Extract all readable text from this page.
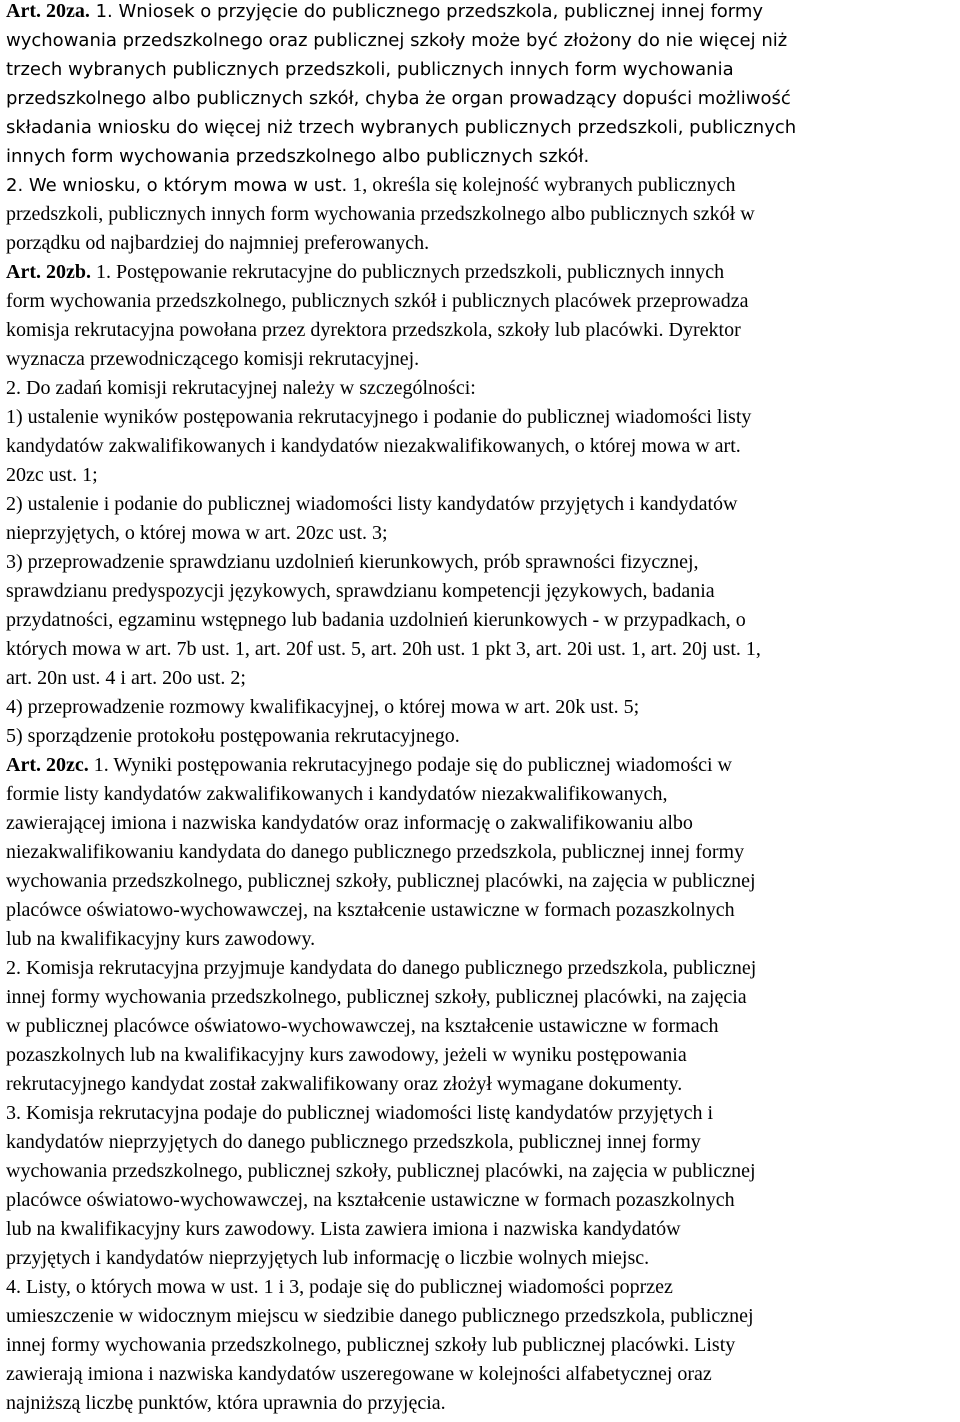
Art. 20za. 1. Wniosek o przyjęcie do publicznego przedszkola, publicznej innej formy
wychowania przedszkolnego oraz publicznej szkoły może być złożony do nie więcej niż
trzech wybranych publicznych przedszkoli, publicznych innych form wychowania
przedszkolnego albo publicznych szkół, chyba że organ prowadzący dopuści możliwość
składania wniosku do więcej niż trzech wybranych publicznych przedszkoli, publicznych
innych form wychowania przedszkolnego albo publicznych szkół.
2. We wniosku, o którym mowa w ust. 1, określa się kolejność wybranych publicznych
przedszkoli, publicznych innych form wychowania przedszkolnego albo publicznych szkół w
porządku od najbardziej do najmniej preferowanych.
Art. 20zb. 1. Postępowanie rekrutacyjne do publicznych przedszkoli, publicznych innych
form wychowania przedszkolnego, publicznych szkół i publicznych placówek przeprowadza
komisja rekrutacyjna powołana przez dyrektora przedszkola, szkoły lub placówki. Dyrektor
wyznacza przewodniczącego komisji rekrutacyjnej.
2. Do zadań komisji rekrutacyjnej należy w szczególności:
1) ustalenie wyników postępowania rekrutacyjnego i podanie do publicznej wiadomości listy
kandydatów zakwalifikowanych i kandydatów niezakwalifikowanych, o której mowa w art.
20zc ust. 1;
2) ustalenie i podanie do publicznej wiadomości listy kandydatów przyjętych i kandydatów
nieprzyjętych, o której mowa w art. 20zc ust. 3;
3) przeprowadzenie sprawdzianu uzdolnień kierunkowych, prób sprawności fizycznej,
sprawdzianu predyspozycji językowych, sprawdzianu kompetencji językowych, badania
przydatności, egzaminu wstępnego lub badania uzdolnień kierunkowych - w przypadkach, o
których mowa w art. 7b ust. 1, art. 20f ust. 5, art. 20h ust. 1 pkt 3, art. 20i ust. 1, art. 20j ust. 1,
art. 20n ust. 4 i art. 20o ust. 2;
4) przeprowadzenie rozmowy kwalifikacyjnej, o której mowa w art. 20k ust. 5;
5) sporządzenie protokołu postępowania rekrutacyjnego.
Art. 20zc. 1. Wyniki postępowania rekrutacyjnego podaje się do publicznej wiadomości w
formie listy kandydatów zakwalifikowanych i kandydatów niezakwalifikowanych,
zawierającej imiona i nazwiska kandydatów oraz informację o zakwalifikowaniu albo
niezakwalifikowaniu kandydata do danego publicznego przedszkola, publicznej innej formy
wychowania przedszkolnego, publicznej szkoły, publicznej placówki, na zajęcia w publicznej
placówce oświatowo-wychowawczej, na kształcenie ustawiczne w formach pozaszkolnych
lub na kwalifikacyjny kurs zawodowy.
2. Komisja rekrutacyjna przyjmuje kandydata do danego publicznego przedszkola, publicznej
innej formy wychowania przedszkolnego, publicznej szkoły, publicznej placówki, na zajęcia
w publicznej placówce oświatowo-wychowawczej, na kształcenie ustawiczne w formach
pozaszkolnych lub na kwalifikacyjny kurs zawodowy, jeżeli w wyniku postępowania
rekrutacyjnego kandydat został zakwalifikowany oraz złożył wymagane dokumenty.
3. Komisja rekrutacyjna podaje do publicznej wiadomości listę kandydatów przyjętych i
kandydatów nieprzyjętych do danego publicznego przedszkola, publicznej innej formy
wychowania przedszkolnego, publicznej szkoły, publicznej placówki, na zajęcia w publicznej
placówce oświatowo-wychowawczej, na kształcenie ustawiczne w formach pozaszkolnych
lub na kwalifikacyjny kurs zawodowy. Lista zawiera imiona i nazwiska kandydatów
przyjętych i kandydatów nieprzyjętych lub informację o liczbie wolnych miejsc.
4. Listy, o których mowa w ust. 1 i 3, podaje się do publicznej wiadomości poprzez
umieszczenie w widocznym miejscu w siedzibie danego publicznego przedszkola, publicznej
innej formy wychowania przedszkolnego, publicznej szkoły lub publicznej placówki. Listy
zawierają imiona i nazwiska kandydatów uszeregowane w kolejności alfabetycznej oraz
najniższą liczbę punktów, która uprawnia do przyjęcia.
